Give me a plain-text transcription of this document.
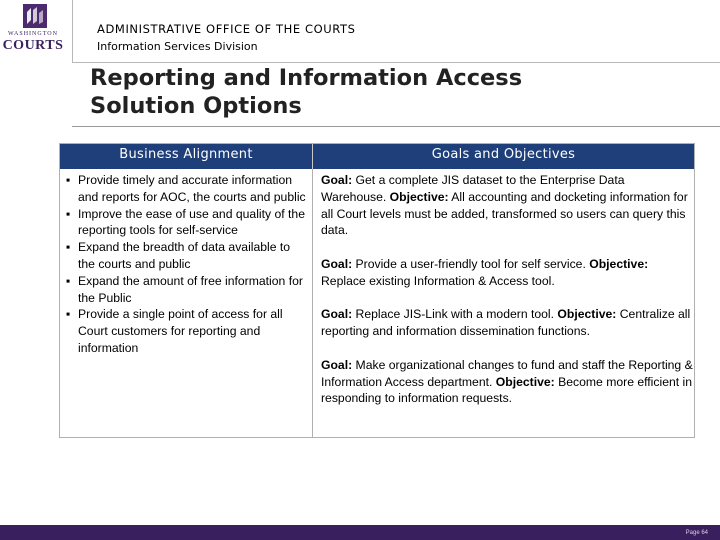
WASHINGTON
COURTS
ADMINISTRATIVE OFFICE OF THE COURTS
Information Services Division
Reporting and Information Access
Solution Options
Business Alignment	Goals and Objectives
▪ Provide timely and accurate information and reports for AOC, the courts and public
▪ Improve the ease of use and quality of the reporting tools for self-service
▪ Expand the breadth of data available to the courts and public
▪ Expand the amount of free information for the Public
▪ Provide a single point of access for all Court customers for reporting and information

Goal: Get a complete JIS dataset to the Enterprise Data Warehouse. Objective: All accounting and docketing information for all Court levels must be added, transformed so users can query this data.

Goal: Provide a user-friendly tool for self service. Objective: Replace existing Information & Access tool.

Goal: Replace JIS-Link with a modern tool. Objective: Centralize all reporting and information dissemination functions.

Goal: Make organizational changes to fund and staff the Reporting & Information Access department. Objective: Become more efficient in responding to information requests.

Page 64
